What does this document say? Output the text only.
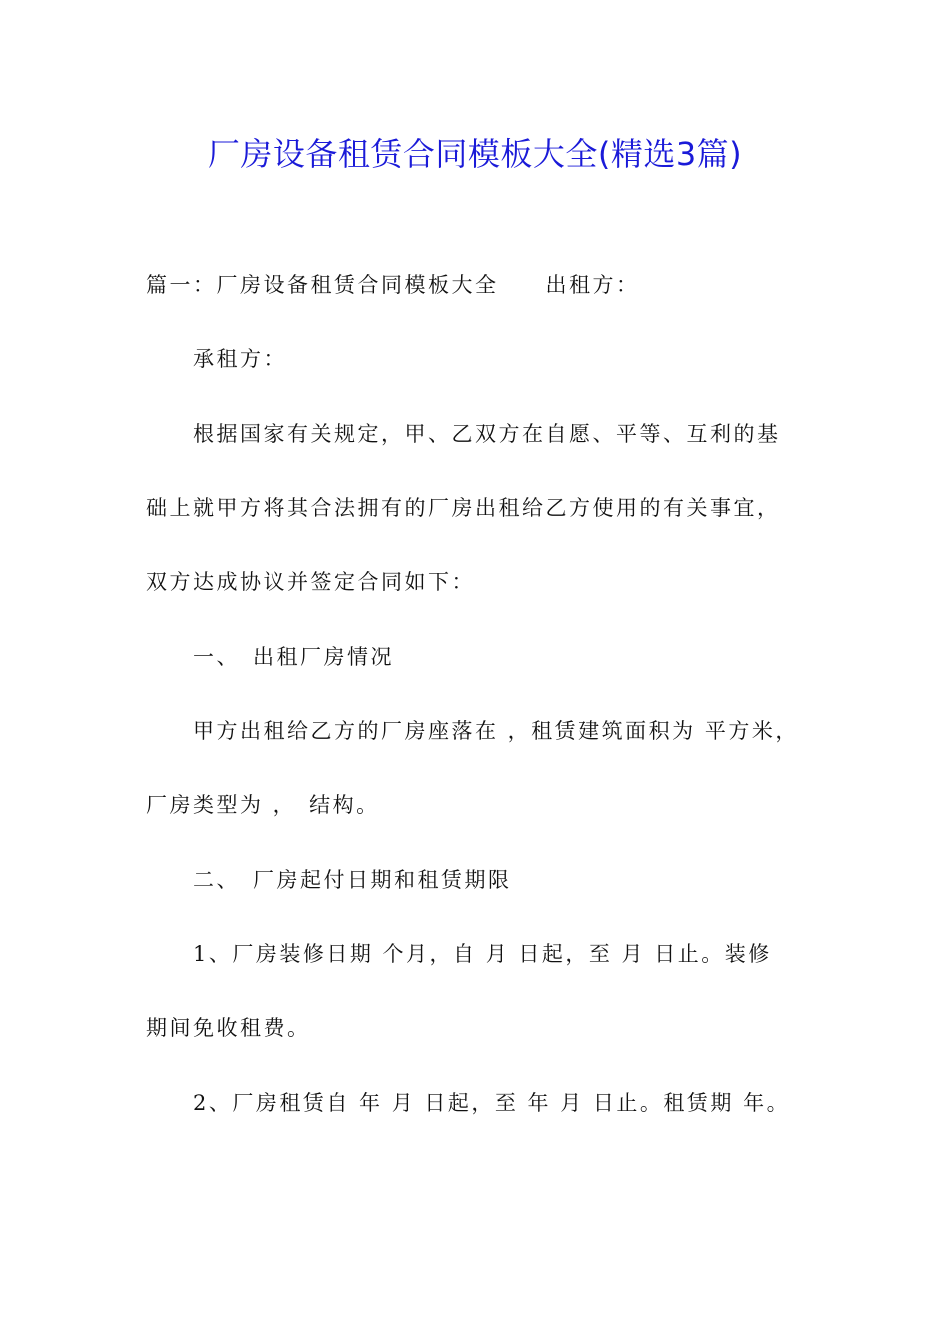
厂房设备租赁合同模板大全(精选3篇)
篇一：厂房设备租赁合同模板大全　　出租方：
承租方：
根据国家有关规定，甲、乙双方在自愿、平等、互利的基
础上就甲方将其合法拥有的厂房出租给乙方使用的有关事宜，
双方达成协议并签定合同如下：
一、　出租厂房情况
甲方出租给乙方的厂房座落在 ，租赁建筑面积为 平方米，
厂房类型为 ，　结构。
二、　厂房起付日期和租赁期限
1、厂房装修日期 个月，自 月 日起，至 月 日止。装修
期间免收租费。
2、厂房租赁自 年 月 日起，至 年 月 日止。租赁期 年。
